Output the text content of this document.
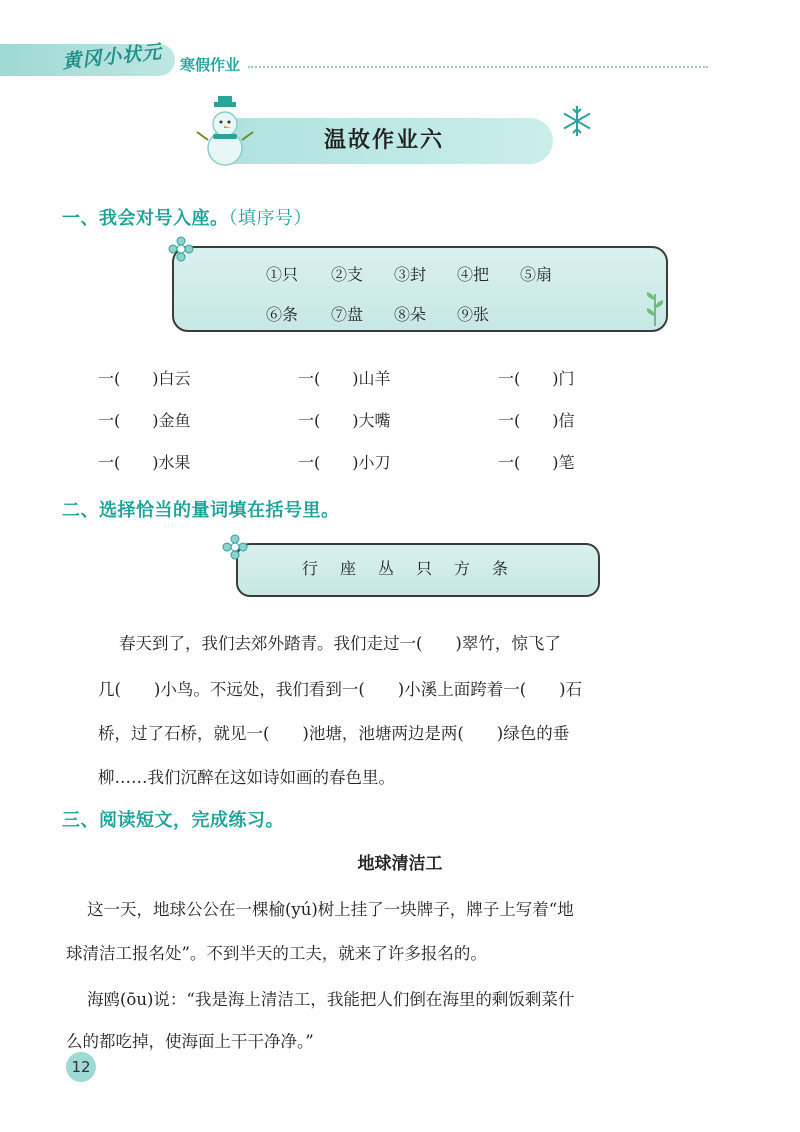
黄冈小状元 寒假作业
温故作业六
一、我会对号入座。（填序号）
①只 ②支 ③封 ④把 ⑤扇
⑥条 ⑦盘 ⑧朵 ⑨张
一(　　)白云	一(　　)山羊	一(　　)门
一(　　)金鱼	一(　　)大嘴	一(　　)信
一(　　)水果	一(　　)小刀	一(　　)笔
二、选择恰当的量词填在括号里。
行座丛只方条
春天到了，我们去郊外踏青。我们走过一(　　)翠竹，惊飞了
几(　　)小鸟。不远处，我们看到一(　　)小溪上面跨着一(　　)石
桥，过了石桥，就见一(　　)池塘，池塘两边是两(　　)绿色的垂
柳……我们沉醉在这如诗如画的春色里。
三、阅读短文，完成练习。
地球清洁工
这一天，地球公公在一棵榆(yú)树上挂了一块牌子，牌子上写着“地
球清洁工报名处”。不到半天的工夫，就来了许多报名的。
海鸥(ōu)说：“我是海上清洁工，我能把人们倒在海里的剩饭剩菜什
么的都吃掉，使海面上干干净净。”
12
